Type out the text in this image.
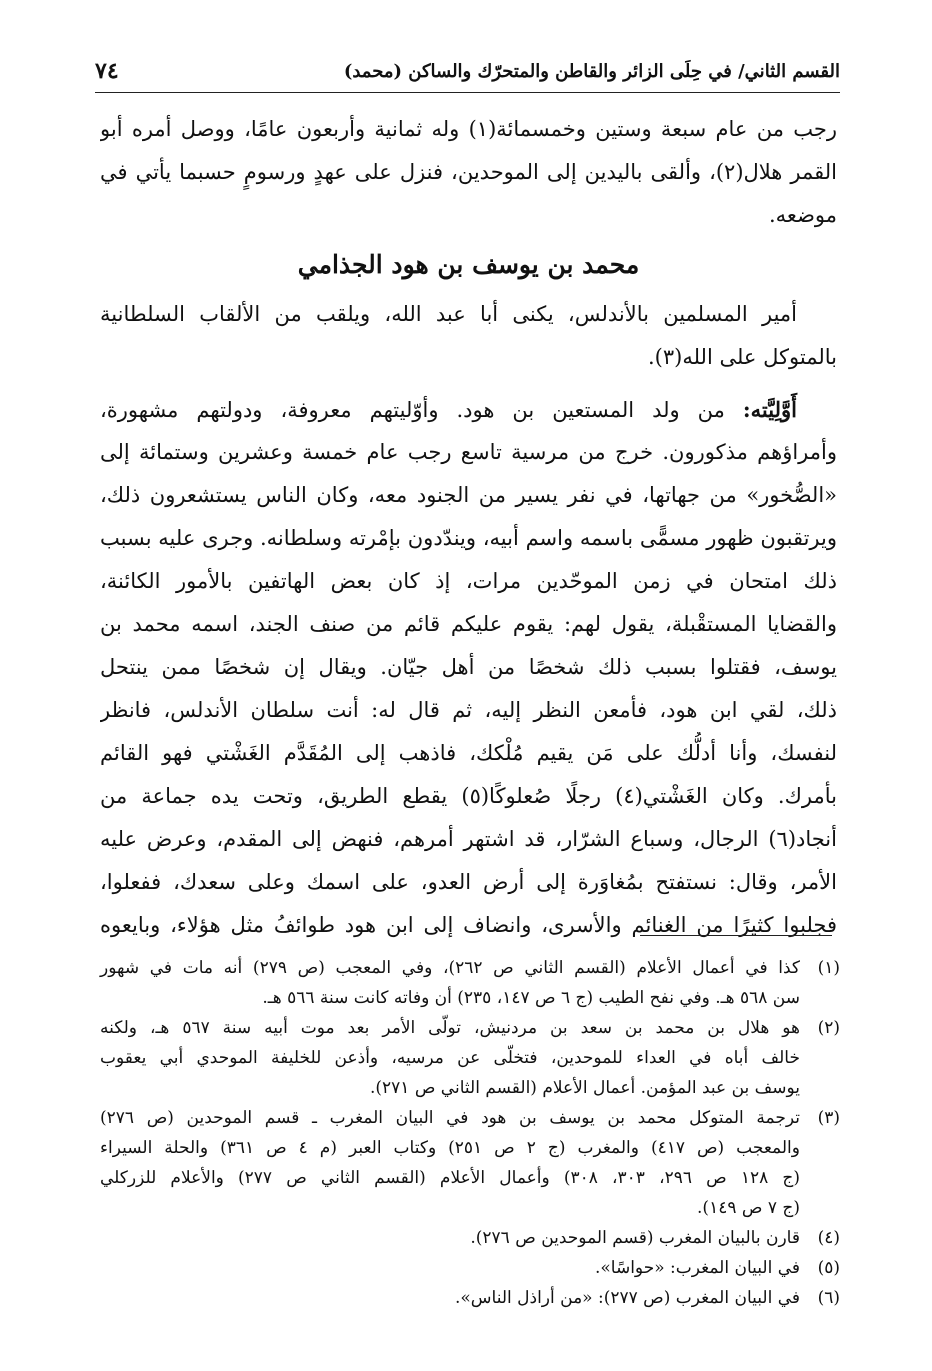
القسم الثاني/ في حِلَى الزائر والقاطن والمتحرّك والساكن (محمد)
٧٤
رجب من عام سبعة وستين وخمسمائة(١) وله ثمانية وأربعون عامًا، ووصل أمره أبو
القمر هلال(٢)، وألقى باليدين إلى الموحدين، فنزل على عهدٍ ورسومٍ حسبما يأتي في
موضعه.
محمد بن يوسف بن هود الجذامي
أمير المسلمين بالأندلس، يكنى أبا عبد الله، ويلقب من الألقاب السلطانية
بالمتوكل على الله(٣).
أَوَّلِيَّته: من ولد المستعين بن هود. وأوّليتهم معروفة، ودولتهم مشهورة،
وأمراؤهم مذكورون. خرج من مرسية تاسع رجب عام خمسة وعشرين وستمائة إلى
«الصُّخور» من جهاتها، في نفر يسير من الجنود معه، وكان الناس يستشعرون ذلك،
ويرتقبون ظهور مسمًّى باسمه واسم أبيه، ويندّدون بإمْرته وسلطانه. وجرى عليه بسبب
ذلك امتحان في زمن الموحّدين مرات، إذ كان بعض الهاتفين بالأمور الكائنة،
والقضايا المستقْبلة، يقول لهم: يقوم عليكم قائم من صنف الجند، اسمه محمد بن
يوسف، فقتلوا بسبب ذلك شخصًا من أهل جيّان. ويقال إن شخصًا ممن ينتحل
ذلك، لقي ابن هود، فأمعن النظر إليه، ثم قال له: أنت سلطان الأندلس، فانظر
لنفسك، وأنا أدلُّك على مَن يقيم مُلْكك، فاذهب إلى المُقَدَّم الغَشْتي فهو القائم
بأمرك. وكان الغَشْتي(٤) رجلًا صُعلوكًا(٥) يقطع الطريق، وتحت يده جماعة من
أنجاد(٦) الرجال، وسباع الشرّار، قد اشتهر أمرهم، فنهض إلى المقدم، وعرض عليه
الأمر، وقال: نستفتح بمُغاوَرة إلى أرض العدو، على اسمك وعلى سعدك، ففعلوا،
فجلبوا كثيرًا من الغنائم والأسرى، وانضاف إلى ابن هود طوائفُ مثل هؤلاء، وبايعوه
(١)
كذا في أعمال الأعلام (القسم الثاني ص ٢٦٢)، وفي المعجب (ص ٢٧٩) أنه مات في شهور
سن ٥٦٨ هـ. وفي نفح الطيب (ج ٦ ص ١٤٧، ٢٣٥) أن وفاته كانت سنة ٥٦٦ هـ.
(٢)
هو هلال بن محمد بن سعد بن مردنيش، تولّى الأمر بعد موت أبيه سنة ٥٦٧ هـ، ولكنه
خالف أباه في العداء للموحدين، فتخلّى عن مرسيه، وأذعن للخليفة الموحدي أبي يعقوب
يوسف بن عبد المؤمن. أعمال الأعلام (القسم الثاني ص ٢٧١).
(٣)
ترجمة المتوكل محمد بن يوسف بن هود في البيان المغرب ـ قسم الموحدين (ص ٢٧٦)
والمعجب (ص ٤١٧) والمغرب (ج ٢ ص ٢٥١) وكتاب العبر (م ٤ ص ٣٦١) والحلة السيراء
(ج ١٢٨ ص ٢٩٦، ٣٠٣، ٣٠٨) وأعمال الأعلام (القسم الثاني ص ٢٧٧) والأعلام للزركلي
(ج ٧ ص ١٤٩).
(٤)
قارن بالبيان المغرب (قسم الموحدين ص ٢٧٦).
(٥)
في البيان المغرب: «حواسًا».
(٦)
في البيان المغرب (ص ٢٧٧): «من أراذل الناس».
